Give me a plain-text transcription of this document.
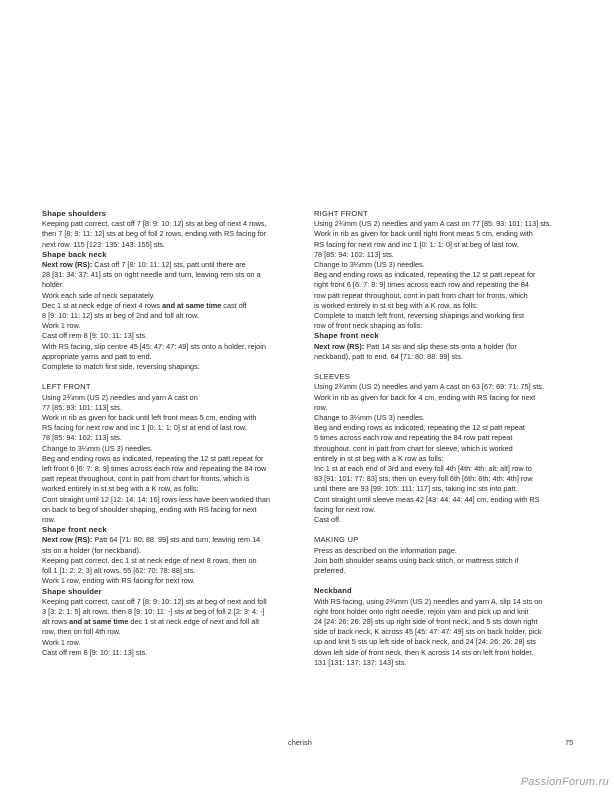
Shape shoulders

Keeping patt correct, cast off 7 [8: 9: 10: 12] sts at beg of next 4 rows,

then 7 [8: 9: 11: 12] sts at beg of foll 2 rows, ending with RS facing for

next row. 115 [123: 135: 143: 155] sts.

Shape back neck

Next row (RS): Cast off 7 [8: 10: 11: 12] sts, patt until there are

28 [31: 34: 37: 41] sts on right needle and turn, leaving rem sts on a

holder.

Work each side of neck separately.

Dec 1 st at neck edge of next 4 rows and at same time cast off

8 [9: 10: 11: 12] sts at beg of 2nd and foll alt row.

Work 1 row.

Cast off rem 8 [9: 10: 11: 13] sts.

With RS facing, slip centre 45 [45: 47: 47: 49] sts onto a holder, rejoin

appropriate yarns and patt to end.

Complete to match first side, reversing shapings.

LEFT FRONT

Using 2¾mm (US 2) needles and yarn A cast on

77 [85: 93: 101: 113] sts.

Work in rib as given for back until left front meas 5 cm, ending with

RS facing for next row and inc 1 [0: 1: 1: 0] st at end of last row.

78 [85: 94: 102: 113] sts.

Change to 3¼mm (US 3) needles.

Beg and ending rows as indicated, repeating the 12 st patt repeat for

left front 6 [6: 7: 8: 9] times across each row and repeating the 84 row

patt repeat throughout, cont in patt from chart for fronts, which is

worked entirely in st st beg with a K row, as folls:

Cont straight until 12 [12: 14: 14: 16] rows less have been worked than

on back to beg of shoulder shaping, ending with RS facing for next

row.

Shape front neck

Next row (RS): Patt 64 [71: 80: 88: 99] sts and turn, leaving rem 14

sts on a holder (for neckband).

Keeping patt correct, dec 1 st at neck edge of next 8 rows, then on

foll 1 [1: 2: 2: 3] alt rows. 55 [62: 70: 78: 88] sts.

Work 1 row, ending with RS facing for next row.

Shape shoulder

Keeping patt correct, cast off 7 [8: 9: 10: 12] sts at beg of next and foll

3 [3: 2: 1: 5] alt rows, then 8 [9: 10: 11: -] sts at beg of foll 2 [2: 3: 4: -]

alt rows and at same time dec 1 st at neck edge of next and foll alt

row, then on foll 4th row.

Work 1 row.

Cast off rem 8 [9: 10: 11: 13] sts.

RIGHT FRONT

Using 2¾mm (US 2) needles and yarn A cast on 77 [85: 93: 101: 113] sts.

Work in rib as given for back until right front meas 5 cm, ending with

RS facing for next row and inc 1 [0: 1: 1: 0] st at beg of last row.

78 [85: 94: 102: 113] sts.

Change to 3¼mm (US 3) needles.

Beg and ending rows as indicated, repeating the 12 st patt repeat for

right front 6 [6: 7: 8: 9] times across each row and repeating the 84

row patt repeat throughout, cont in patt from chart for fronts, which

is worked entirely in st st beg with a K row, as folls:

Complete to match left front, reversing shapings and working first

row of front neck shaping as folls:

Shape front neck

Next row (RS): Patt 14 sts and slip these sts onto a holder (for

neckband), patt to end. 64 [71: 80: 88: 99] sts.

SLEEVES

Using 2¾mm (US 2) needles and yarn A cast on 63 [67: 69: 71: 75] sts.

Work in rib as given for back for 4 cm, ending with RS facing for next

row.

Change to 3¼mm (US 3) needles.

Beg and ending rows as indicated, repeating the 12 st patt repeat

5 times across each row and repeating the 84 row patt repeat

throughout, cont in patt from chart for sleeve, which is worked

entirely in st st beg with a K row as folls:

Inc 1 st at each end of 3rd and every foll 4th [4th: 4th: alt: alt] row to

83 [91: 101: 77: 83] sts, then on every foll 6th [6th: 6th: 4th: 4th] row

until there are 93 [99: 105: 111: 117] sts, taking inc sts into patt.

Cont straight until sleeve meas 42 [43: 44: 44: 44] cm, ending with RS

facing for next row.

Cast off.

MAKING UP

Press as described on the information page.

Join both shoulder seams using back stitch, or mattress stitch if

preferred.

Neckband

With RS facing, using 2¾mm (US 2) needles and yarn A, slip 14 sts on

right front holder onto right needle, rejoin yarn and pick up and knit

24 [24: 26: 26: 28] sts up right side of front neck, and 5 sts down right

side of back neck, K across 45 [45: 47: 47: 49] sts on back holder, pick

up and knit 5 sts up left side of back neck, and 24 [24: 26: 26: 28] sts

down left side of front neck, then K across 14 sts on left front holder.

131 [131: 137: 137: 143] sts.

cherish	75
PassionForum.ru
